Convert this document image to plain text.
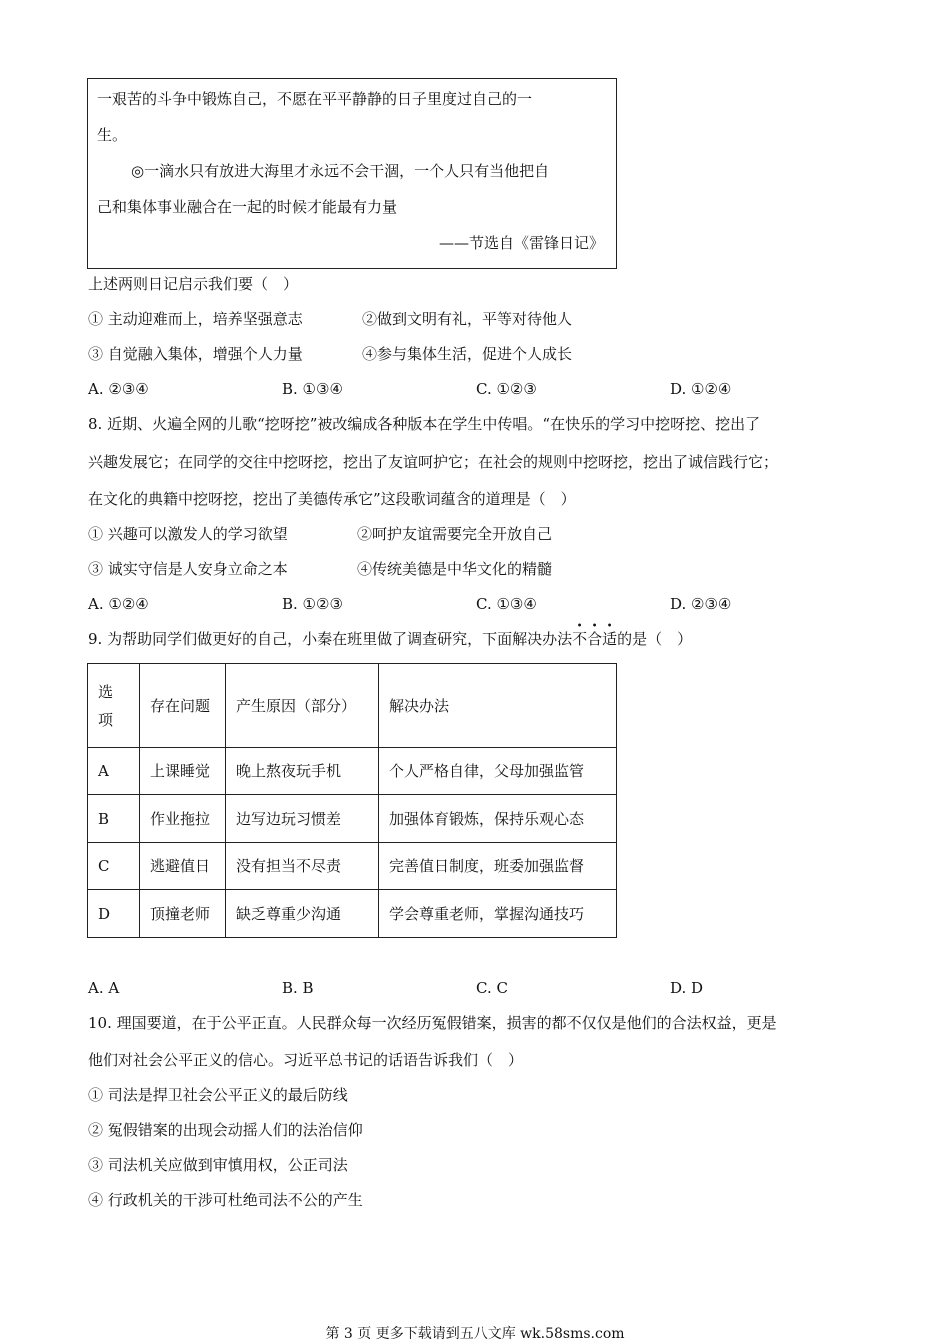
一艰苦的斗争中锻炼自己，不愿在平平静静的日子里度过自己的一
生。
◎一滴水只有放进大海里才永远不会干涸，一个人只有当他把自
己和集体事业融合在一起的时候才能最有力量
——节选自《雷锋日记》
上述两则日记启示我们要（　）
① 主动迎难而上，培养坚强意志	②做到文明有礼，平等对待他人
③ 自觉融入集体，增强个人力量	④参与集体生活，促进个人成长
A. ②③④	B. ①③④	C. ①②③	D. ①②④
8. 近期、火遍全网的儿歌“挖呀挖”被改编成各种版本在学生中传唱。“在快乐的学习中挖呀挖、挖出了
兴趣发展它；在同学的交往中挖呀挖，挖出了友谊呵护它；在社会的规则中挖呀挖，挖出了诚信践行它；
在文化的典籍中挖呀挖，挖出了美德传承它”这段歌词蕴含的道理是（　）
① 兴趣可以激发人的学习欲望	②呵护友谊需要完全开放自己
③ 诚实守信是人安身立命之本	④传统美德是中华文化的精髓
A. ①②④	B. ①②③	C. ①③④	D. ②③④
9. 为帮助同学们做更好的自己，小秦在班里做了调查研究，下面解决办法不合适的是（　）
选
项	存在问题	产生原因（部分）	解决办法
A	上课睡觉	晚上熬夜玩手机	个人严格自律，父母加强监管
B	作业拖拉	边写边玩习惯差	加强体育锻炼，保持乐观心态
C	逃避值日	没有担当不尽责	完善值日制度，班委加强监督
D	顶撞老师	缺乏尊重少沟通	学会尊重老师，掌握沟通技巧
A. A	B. B	C. C	D. D
10. 理国要道，在于公平正直。人民群众每一次经历冤假错案，损害的都不仅仅是他们的合法权益，更是
他们对社会公平正义的信心。习近平总书记的话语告诉我们（　）
① 司法是捍卫社会公平正义的最后防线
② 冤假错案的出现会动摇人们的法治信仰
③ 司法机关应做到审慎用权，公正司法
④ 行政机关的干涉可杜绝司法不公的产生
第 3 页 更多下载请到五八文库 wk.58sms.com
